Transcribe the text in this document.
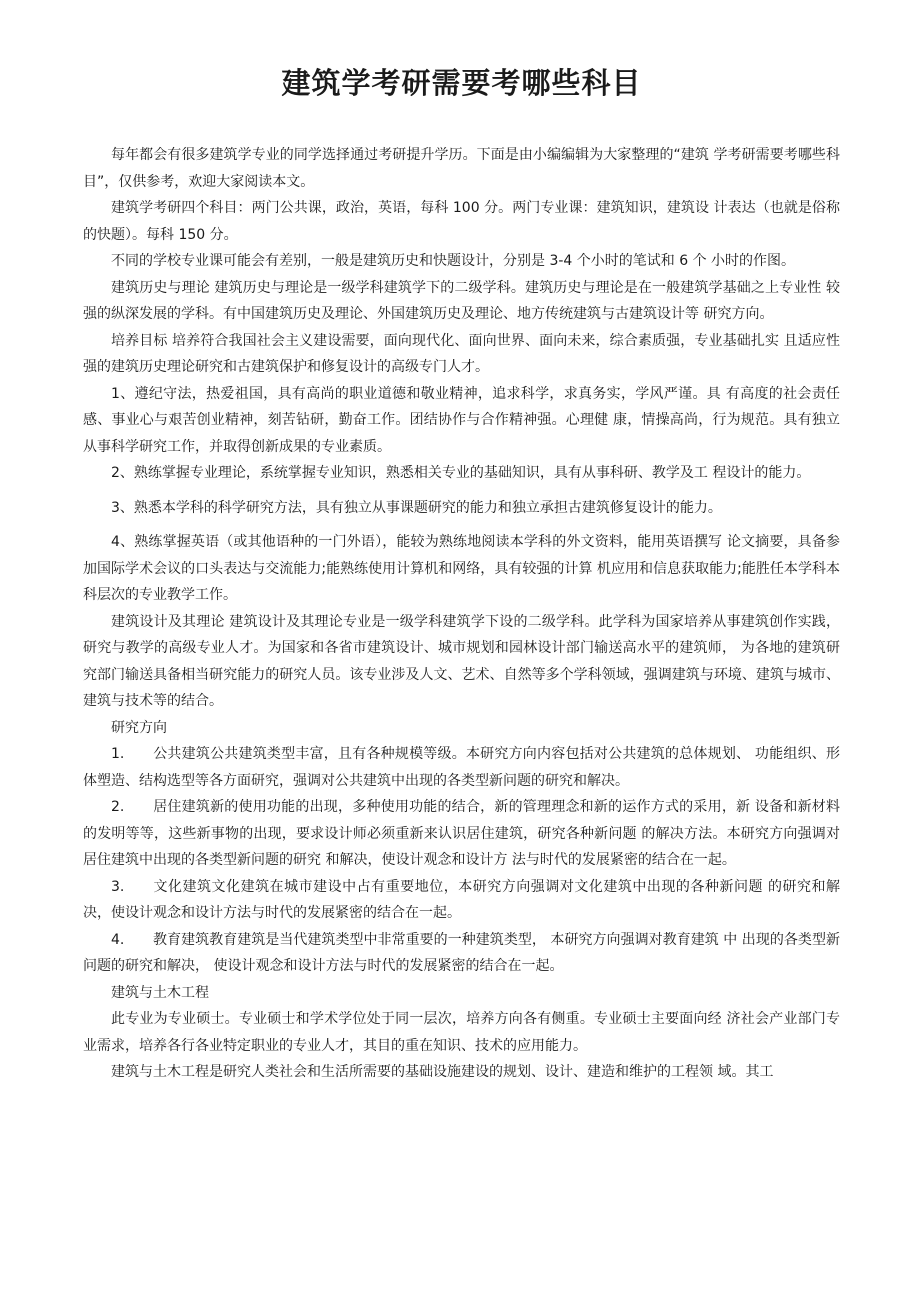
建筑学考研需要考哪些科目

每年都会有很多建筑学专业的同学选择通过考研提升学历。下面是由小编编辑为大家整理的“建筑 学考研需要考哪些科目”，仅供参考，欢迎大家阅读本文。

建筑学考研四个科目：两门公共课，政治，英语，每科 100 分。两门专业课：建筑知识，建筑设 计表达（也就是俗称的快题）。每科 150 分。

不同的学校专业课可能会有差别，一般是建筑历史和快题设计，分别是 3-4 个小时的笔试和 6 个 小时的作图。

建筑历史与理论 建筑历史与理论是一级学科建筑学下的二级学科。建筑历史与理论是在一般建筑学基础之上专业性 较强的纵深发展的学科。有中国建筑历史及理论、外国建筑历史及理论、地方传统建筑与古建筑设计等 研究方向。

培养目标 培养符合我国社会主义建设需要，面向现代化、面向世界、面向未来，综合素质强，专业基础扎实 且适应性强的建筑历史理论研究和古建筑保护和修复设计的高级专门人才。

1、遵纪守法，热爱祖国，具有高尚的职业道德和敬业精神，追求科学，求真务实，学风严谨。具 有高度的社会责任感、事业心与艰苦创业精神，刻苦钻研，勤奋工作。团结协作与合作精神强。心理健 康，情操高尚，行为规范。具有独立从事科学研究工作，并取得创新成果的专业素质。

2、熟练掌握专业理论，系统掌握专业知识，熟悉相关专业的基础知识，具有从事科研、教学及工 程设计的能力。

3、熟悉本学科的科学研究方法，具有独立从事课题研究的能力和独立承担古建筑修复设计的能力。

4、熟练掌握英语（或其他语种的一门外语），能较为熟练地阅读本学科的外文资料，能用英语撰写 论文摘要，具备参加国际学术会议的口头表达与交流能力;能熟练使用计算机和网络，具有较强的计算 机应用和信息获取能力;能胜任本学科本科层次的专业教学工作。

建筑设计及其理论 建筑设计及其理论专业是一级学科建筑学下设的二级学科。此学科为国家培养从事建筑创作实践， 研究与教学的高级专业人才。为国家和各省市建筑设计、城市规划和园林设计部门输送高水平的建筑师， 为各地的建筑研究部门输送具备相当研究能力的研究人员。该专业涉及人文、艺术、自然等多个学科领域，强调建筑与环境、建筑与城市、建筑与技术等的结合。

研究方向

1. 公共建筑公共建筑类型丰富，且有各种规模等级。本研究方向内容包括对公共建筑的总体规划、 功能组织、形体塑造、结构选型等各方面研究，强调对公共建筑中出现的各类型新问题的研究和解决。

2. 居住建筑新的使用功能的出现，多种使用功能的结合，新的管理理念和新的运作方式的采用，新 设备和新材料的发明等等，这些新事物的出现，要求设计师必须重新来认识居住建筑，研究各种新问题 的解决方法。本研究方向强调对居住建筑中出现的各类型新问题的研究 和解决，使设计观念和设计方 法与时代的发展紧密的结合在一起。

3. 文化建筑文化建筑在城市建设中占有重要地位，本研究方向强调对文化建筑中出现的各种新问题 的研究和解决，使设计观念和设计方法与时代的发展紧密的结合在一起。

4. 教育建筑教育建筑是当代建筑类型中非常重要的一种建筑类型， 本研究方向强调对教育建筑 中 出现的各类型新问题的研究和解决， 使设计观念和设计方法与时代的发展紧密的结合在一起。

建筑与土木工程

此专业为专业硕士。专业硕士和学术学位处于同一层次，培养方向各有侧重。专业硕士主要面向经 济社会产业部门专业需求，培养各行各业特定职业的专业人才，其目的重在知识、技术的应用能力。

建筑与土木工程是研究人类社会和生活所需要的基础设施建设的规划、设计、建造和维护的工程领 域。其工
